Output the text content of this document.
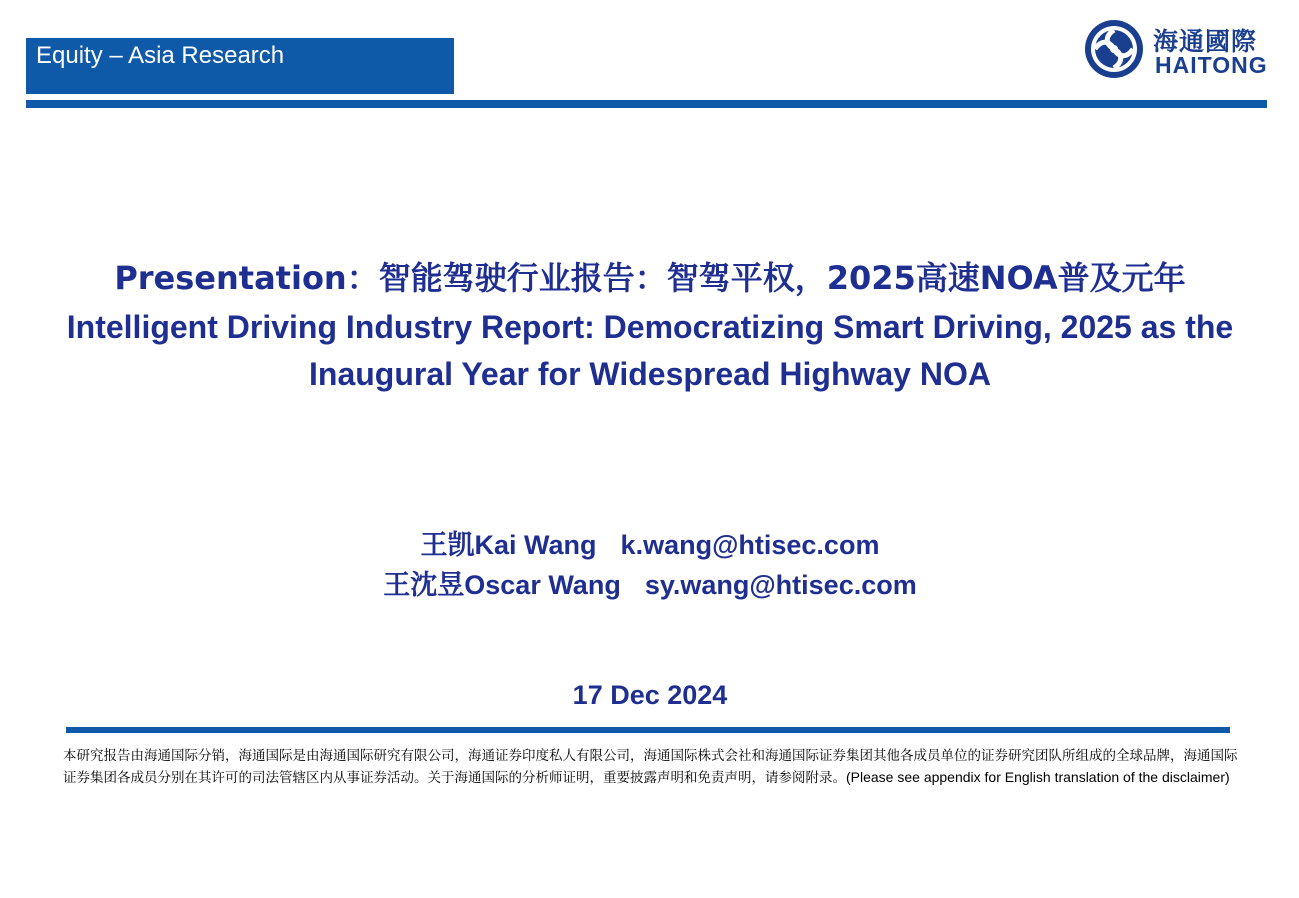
Equity – Asia Research	海通國際
HAITONG
Presentation：智能驾驶行业报告：智驾平权，2025高速NOA普及元年
Intelligent Driving Industry Report: Democratizing Smart Driving, 2025 as the Inaugural Year for Widespread Highway NOA
王凯Kai Wang k.wang@htisec.com
王沈昱Oscar Wang sy.wang@htisec.com
17 Dec 2024
本研究报告由海通国际分销，海通国际是由海通国际研究有限公司，海通证券印度私人有限公司，海通国际株式会社和海通国际证券集团其他各成员单位的证券研究团队所组成的全球品牌，海通国际证券集团各成员分别在其许可的司法管辖区内从事证券活动。关于海通国际的分析师证明，重要披露声明和免责声明，请参阅附录。(Please see appendix for English translation of the disclaimer)
